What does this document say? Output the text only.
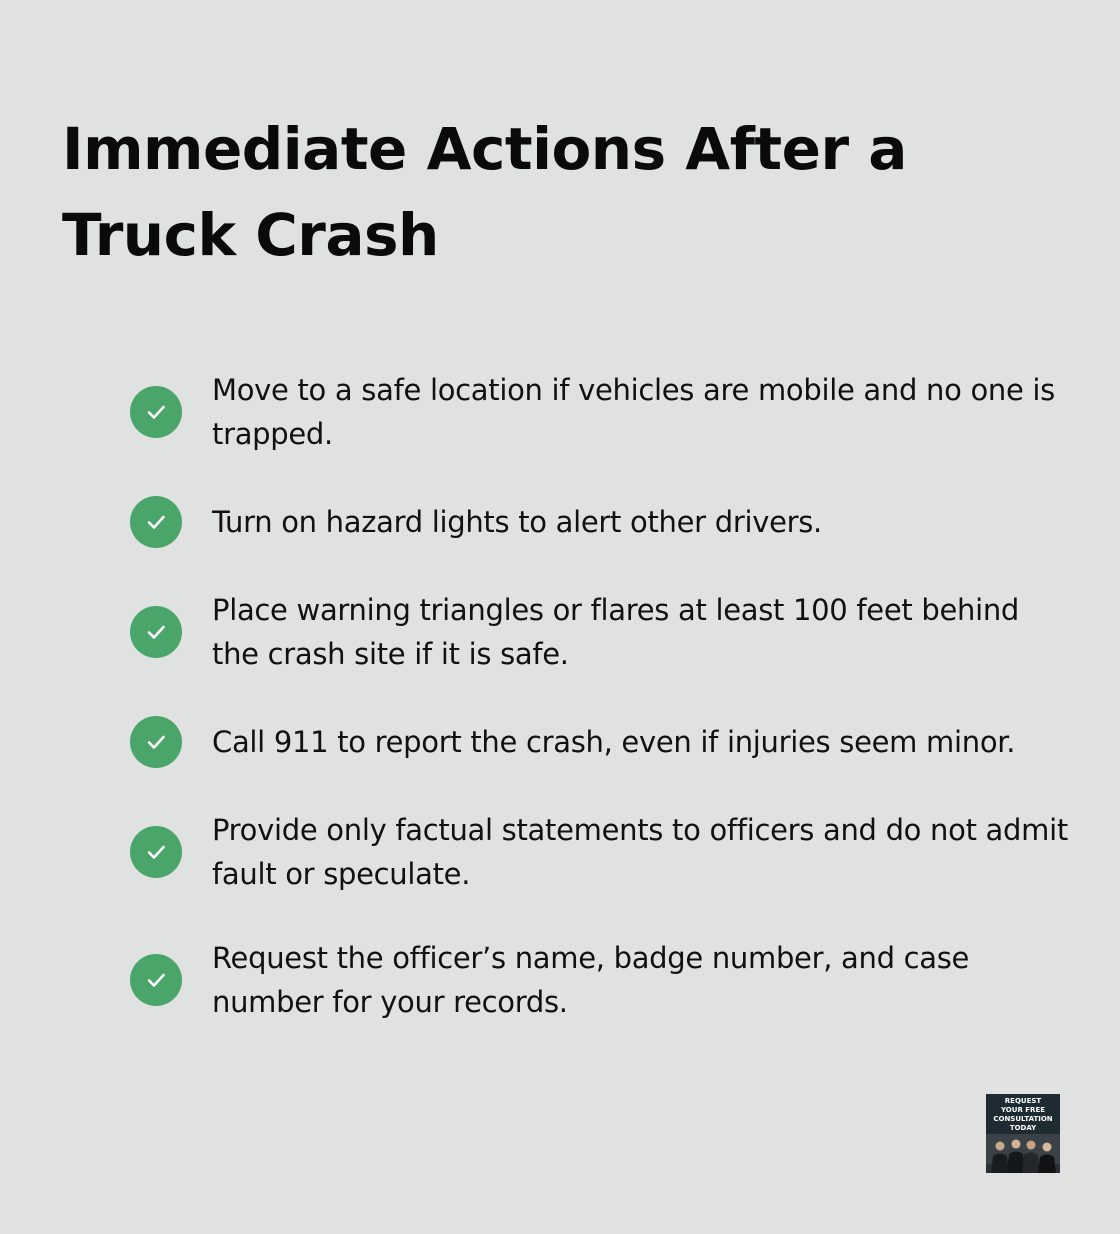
Immediate Actions After a Truck Crash
Move to a safe location if vehicles are mobile and no one is trapped.
Turn on hazard lights to alert other drivers.
Place warning triangles or flares at least 100 feet behind the crash site if it is safe.
Call 911 to report the crash, even if injuries seem minor.
Provide only factual statements to officers and do not admit fault or speculate.
Request the officer’s name, badge number, and case number for your records.
REQUEST
YOUR FREE
CONSULTATION
TODAY
